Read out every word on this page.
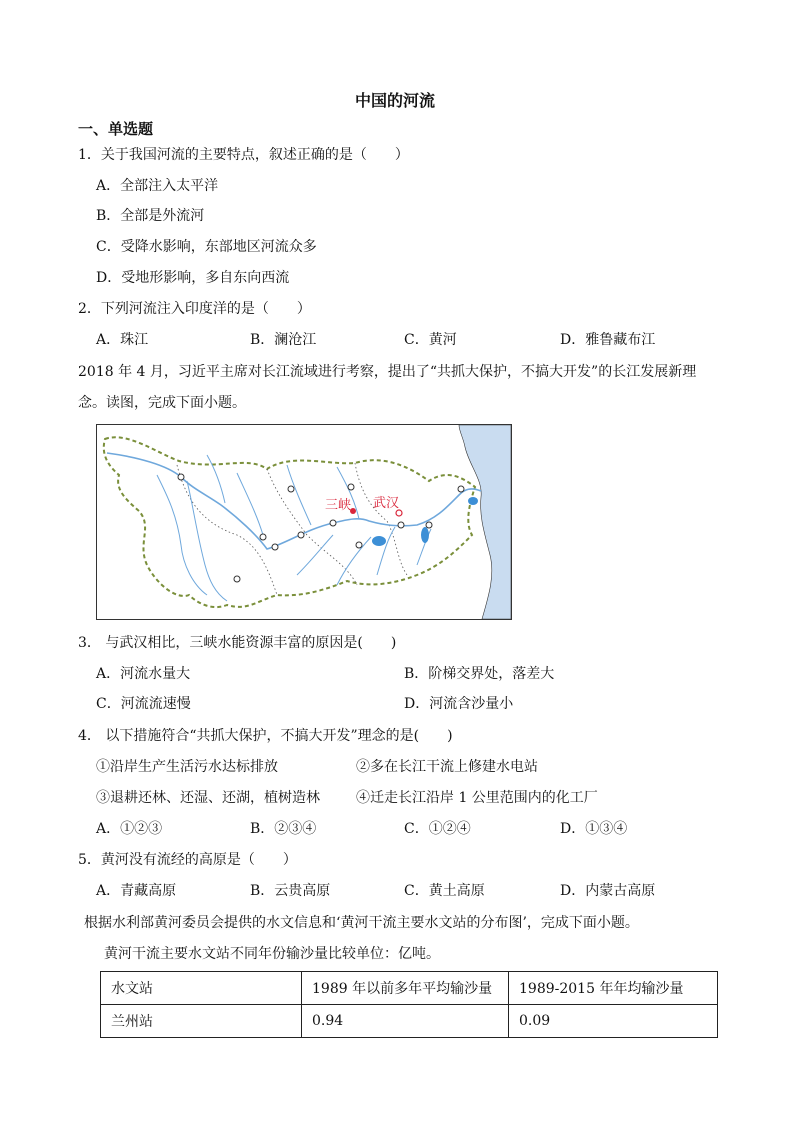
中国的河流
一、单选题
1．关于我国河流的主要特点，叙述正确的是（　　）
A．全部注入太平洋
B．全部是外流河
C．受降水影响，东部地区河流众多
D．受地形影响，多自东向西流
2．下列河流注入印度洋的是（　　）
A．珠江	B．澜沧江	C．黄河	D．雅鲁藏布江
2018 年 4 月，习近平主席对长江流域进行考察，提出了“共抓大保护，不搞大开发”的长江发展新理
念。读图，完成下面小题。
三峡 武汉
3． 与武汉相比，三峡水能资源丰富的原因是(　　)
A．河流水量大	B．阶梯交界处，落差大
C．河流流速慢	D．河流含沙量小
4． 以下措施符合“共抓大保护，不搞大开发”理念的是(　　)
①沿岸生产生活污水达标排放	②多在长江干流上修建水电站
③退耕还林、还湿、还湖，植树造林	④迁走长江沿岸 1 公里范围内的化工厂
A．①②③	B．②③④	C．①②④	D．①③④
5．黄河没有流经的高原是（　　）
A．青藏高原	B．云贵高原	C．黄土高原	D．内蒙古高原
根据水利部黄河委员会提供的水文信息和‘黄河干流主要水文站的分布图’，完成下面小题。
黄河干流主要水文站不同年份输沙量比较单位：亿吨。
水文站	1989 年以前多年平均输沙量	1989-2015 年年均输沙量
兰州站	0.94	0.09
